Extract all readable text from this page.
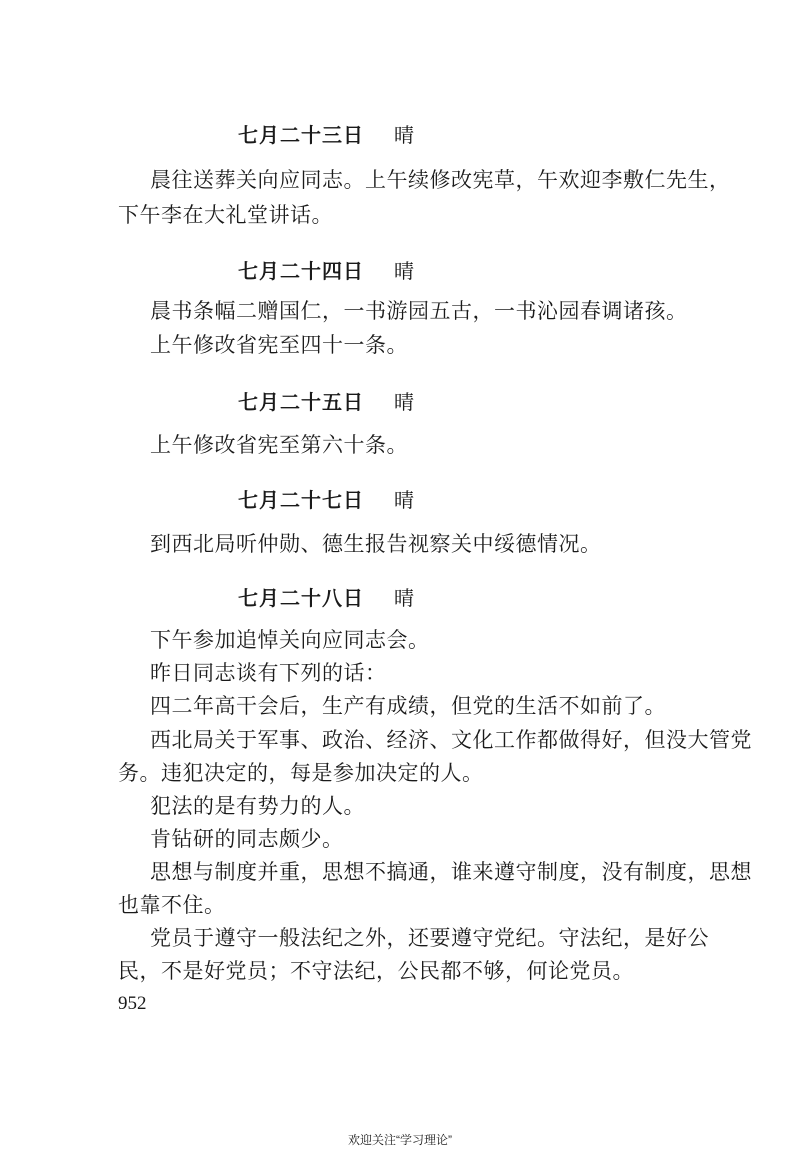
七月二十三日 晴
晨往送葬关向应同志。上午续修改宪草，午欢迎李敷仁先生，
下午李在大礼堂讲话。
七月二十四日 晴
晨书条幅二赠国仁，一书游园五古，一书沁园春调诸孩。
上午修改省宪至四十一条。
七月二十五日 晴
上午修改省宪至第六十条。
七月二十七日 晴
到西北局听仲勋、德生报告视察关中绥德情况。
七月二十八日 晴
下午参加追悼关向应同志会。
昨日同志谈有下列的话：
四二年高干会后，生产有成绩，但党的生活不如前了。
西北局关于军事、政治、经济、文化工作都做得好，但没大管党
务。违犯决定的，每是参加决定的人。
犯法的是有势力的人。
肯钻研的同志颇少。
思想与制度并重，思想不搞通，谁来遵守制度，没有制度，思想
也靠不住。
党员于遵守一般法纪之外，还要遵守党纪。守法纪，是好公
民，不是好党员；不守法纪，公民都不够，何论党员。
952
欢迎关注“学习理论”
